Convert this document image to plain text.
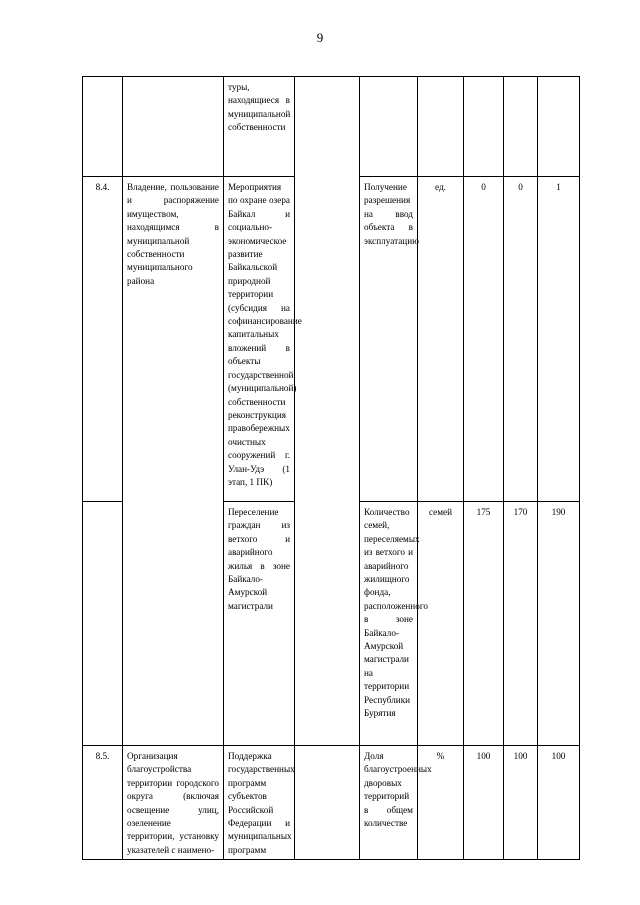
9
		туры, находящиеся в муниципальной собственности						
8.4.	Владение, пользование и распоряжение имуществом, находящимся в муниципальной собственности муниципального района	Мероприятия по охране озера Байкал и социально-экономическое развитие Байкальской природной территории (субсидия на софинансирование капитальных вложений в объекты государственной (муниципальной) собственности реконструкция правобережных очистных сооружений г. Улан-Удэ (1 этап, 1 ПК)		Получение разрешения на ввод объекта в эксплуатацию	ед.	0	0	1
		Переселение граждан из ветхого и аварийного жилья в зоне Байкало-Амурской магистрали		Количество семей, переселяемых из ветхого и аварийного жилищного фонда, расположенного в зоне Байкало-Амурской магистрали на территории Республики Бурятия	семей	175	170	190
8.5.	Организация благоустройства территории городского округа (включая освещение улиц, озеленение территории, установку указателей с наимено-	Поддержка государственных программ субъектов Российской Федерации и муниципальных программ		Доля благоустроенных дворовых территорий в общем количестве	%	100	100	100
